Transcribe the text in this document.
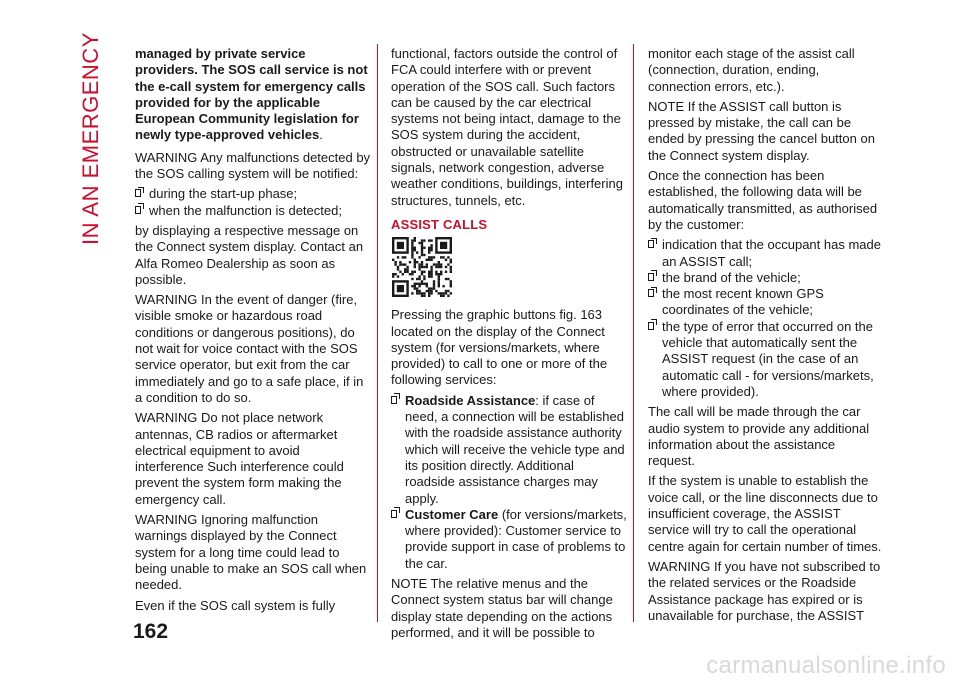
IN AN EMERGENCY managed by private service providers. The SOS call service is not the e-call system for emergency calls provided for by the applicable European Community legislation for newly type-approved vehicles.

WARNING Any malfunctions detected by the SOS calling system will be notified:

during the start-up phase;
when the malfunction is detected;

by displaying a respective message on the Connect system display. Contact an Alfa Romeo Dealership as soon as possible.

WARNING In the event of danger (fire, visible smoke or hazardous road conditions or dangerous positions), do not wait for voice contact with the SOS service operator, but exit from the car immediately and go to a safe place, if in a condition to do so.

WARNING Do not place network antennas, CB radios or aftermarket electrical equipment to avoid interference Such interference could prevent the system form making the emergency call.

WARNING Ignoring malfunction warnings displayed by the Connect system for a long time could lead to being unable to make an SOS call when needed.

Even if the SOS call system is fully

functional, factors outside the control of FCA could interfere with or prevent operation of the SOS call. Such factors can be caused by the car electrical systems not being intact, damage to the SOS system during the accident, obstructed or unavailable satellite signals, network congestion, adverse weather conditions, buildings, interfering structures, tunnels, etc.

ASSIST CALLS

Pressing the graphic buttons fig. 163 located on the display of the Connect system (for versions/markets, where provided) to call to one or more of the following services:

Roadside Assistance: if case of need, a connection will be established with the roadside assistance authority which will receive the vehicle type and its position directly. Additional roadside assistance charges may apply.
Customer Care (for versions/markets, where provided): Customer service to provide support in case of problems to the car.

NOTE The relative menus and the Connect system status bar will change display state depending on the actions performed, and it will be possible to

monitor each stage of the assist call (connection, duration, ending, connection errors, etc.).

NOTE If the ASSIST call button is pressed by mistake, the call can be ended by pressing the cancel button on the Connect system display.

Once the connection has been established, the following data will be automatically transmitted, as authorised by the customer:

indication that the occupant has made an ASSIST call;
the brand of the vehicle;
the most recent known GPS coordinates of the vehicle;
the type of error that occurred on the vehicle that automatically sent the ASSIST request (in the case of an automatic call - for versions/markets, where provided).

The call will be made through the car audio system to provide any additional information about the assistance request.

If the system is unable to establish the voice call, or the line disconnects due to insufficient coverage, the ASSIST service will try to call the operational centre again for certain number of times.

WARNING If you have not subscribed to the related services or the Roadside Assistance package has expired or is unavailable for purchase, the ASSIST

162
carmanualsonline.info
